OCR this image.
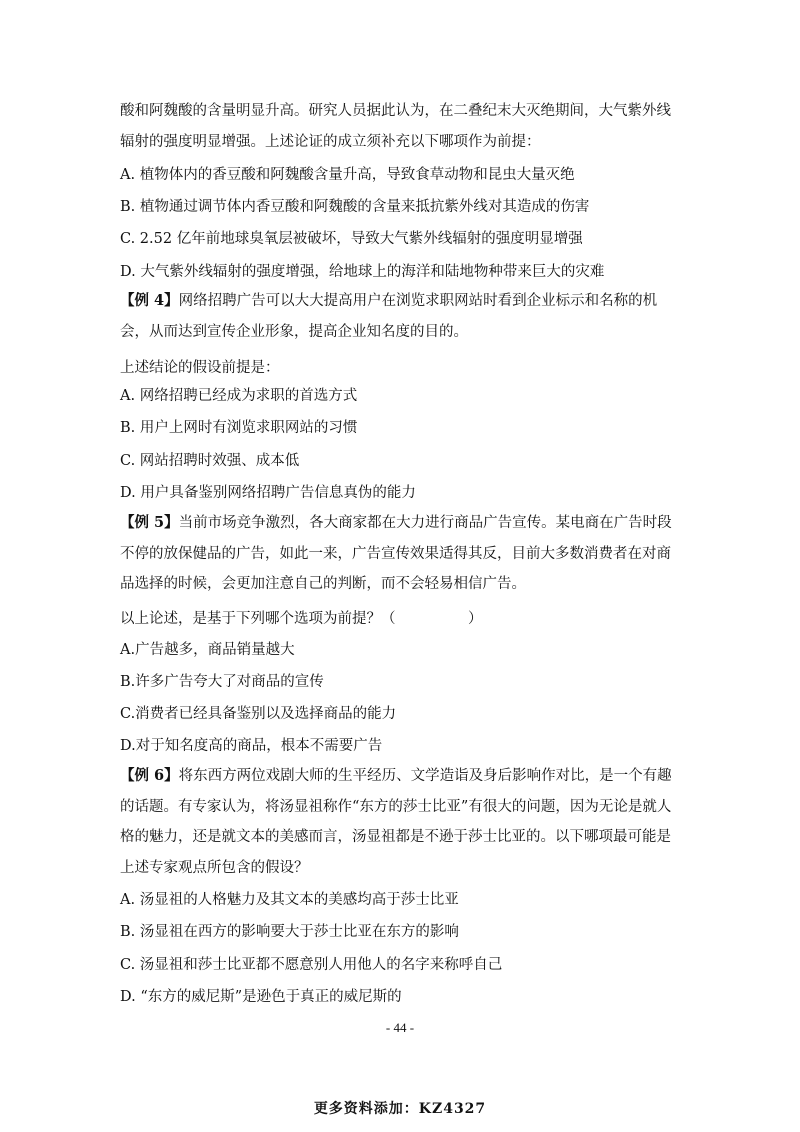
酸和阿魏酸的含量明显升高。研究人员据此认为，在二叠纪末大灭绝期间，大气紫外线辐射的强度明显增强。上述论证的成立须补充以下哪项作为前提：

A. 植物体内的香豆酸和阿魏酸含量升高，导致食草动物和昆虫大量灭绝

B. 植物通过调节体内香豆酸和阿魏酸的含量来抵抗紫外线对其造成的伤害

C. 2.52 亿年前地球臭氧层被破坏，导致大气紫外线辐射的强度明显增强

D. 大气紫外线辐射的强度增强，给地球上的海洋和陆地物种带来巨大的灾难

【例 4】网络招聘广告可以大大提高用户在浏览求职网站时看到企业标示和名称的机会，从而达到宣传企业形象，提高企业知名度的目的。

上述结论的假设前提是：

A. 网络招聘已经成为求职的首选方式

B. 用户上网时有浏览求职网站的习惯

C. 网站招聘时效强、成本低

D. 用户具备鉴别网络招聘广告信息真伪的能力

【例 5】当前市场竞争激烈，各大商家都在大力进行商品广告宣传。某电商在广告时段不停的放保健品的广告，如此一来，广告宣传效果适得其反，目前大多数消费者在对商品选择的时候，会更加注意自己的判断，而不会轻易相信广告。

以上论述，是基于下列哪个选项为前提？（　　　　　）

A.广告越多，商品销量越大

B.许多广告夸大了对商品的宣传

C.消费者已经具备鉴别以及选择商品的能力

D.对于知名度高的商品，根本不需要广告

【例 6】将东西方两位戏剧大师的生平经历、文学造诣及身后影响作对比，是一个有趣的话题。有专家认为，将汤显祖称作“东方的莎士比亚”有很大的问题，因为无论是就人格的魅力，还是就文本的美感而言，汤显祖都是不逊于莎士比亚的。以下哪项最可能是上述专家观点所包含的假设？

A. 汤显祖的人格魅力及其文本的美感均高于莎士比亚

B. 汤显祖在西方的影响要大于莎士比亚在东方的影响

C. 汤显祖和莎士比亚都不愿意别人用他人的名字来称呼自己

D. “东方的威尼斯”是逊色于真正的威尼斯的

- 44 -
更多资料添加：KZ4327
